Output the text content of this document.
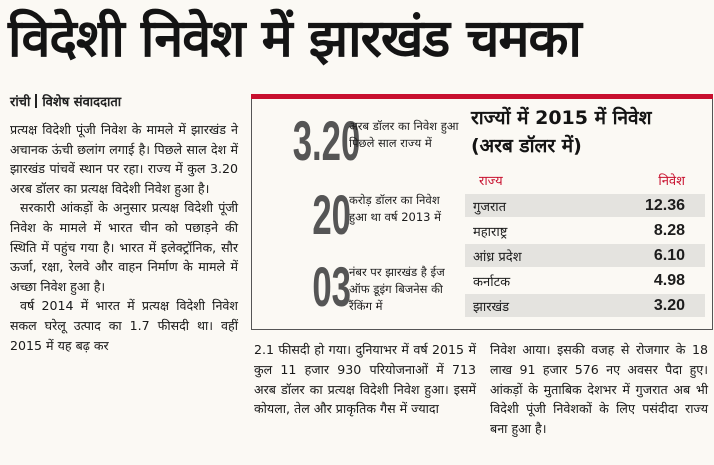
विदेशी निवेश में झारखंड चमका
रांची विशेष संवाददाता

प्रत्यक्ष विदेशी पूंजी निवेश के मामले में झारखंड ने अचानक ऊंची छलांग लगाई है। पिछले साल देश में झारखंड पांचवें स्थान पर रहा। राज्य में कुल 3.20 अरब डॉलर का प्रत्यक्ष विदेशी निवेश हुआ है।

सरकारी आंकड़ों के अनुसार प्रत्यक्ष विदेशी पूंजी निवेश के मामले में भारत चीन को पछाड़ने की स्थिति में पहुंच गया है। भारत में इलेक्ट्रॉनिक, सौर ऊर्जा, रक्षा, रेलवे और वाहन निर्माण के मामले में अच्छा निवेश हुआ है।

वर्ष 2014 में भारत में प्रत्यक्ष विदेशी निवेश सकल घरेलू उत्पाद का 1.7 फीसदी था। वहीं 2015 में यह बढ़ कर

3.20
अरब डॉलर का निवेश हुआ पिछले साल राज्य में
20
करोड़ डॉलर का निवेश हुआ था वर्ष 2013 में
03
नंबर पर झारखंड है ईज ऑफ डूइंग बिजनेस की रैंकिंग में
राज्यों में 2015 में निवेश
(अरब डॉलर में)
राज्य	निवेश
गुजरात	12.36
महाराष्ट्र	8.28
आंध्र प्रदेश	6.10
कर्नाटक	4.98
झारखंड	3.20
2.1 फीसदी हो गया। दुनियाभर में वर्ष 2015 में कुल 11 हजार 930 परियोजनाओं में 713 अरब डॉलर का प्रत्यक्ष विदेशी निवेश हुआ। इसमें कोयला, तेल और प्राकृतिक गैस में ज्यादा
निवेश आया। इसकी वजह से रोजगार के 18 लाख 91 हजार 576 नए अवसर पैदा हुए। आंकड़ों के मुताबिक देशभर में गुजरात अब भी विदेशी पूंजी निवेशकों के लिए पसंदीदा राज्य बना हुआ है।
